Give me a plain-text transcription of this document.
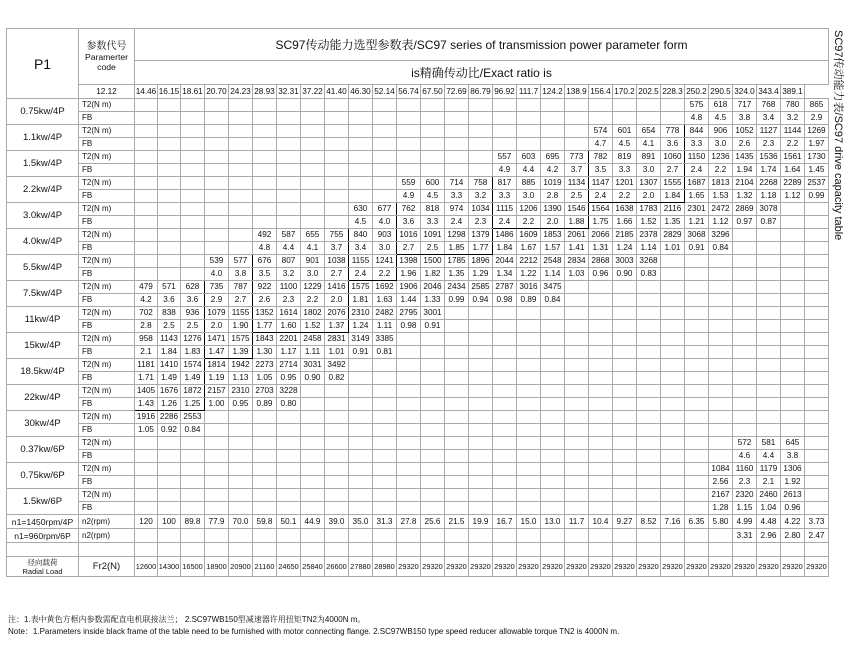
P1	参数代号
Paramerter
code	SC97传动能力选型参数表/SC97 series of transmission power parameter form																												
		is精确传动比/Exact ratio is																												
	12.12	14.46	16.15	18.61	20.70	24.23	28.93	32.31	37.22	41.40	46.30	52.14	56.74	67.50	72.69	86.79	96.92	111.7	124.2	138.9	156.4	170.2	202.5	228.3	250.2	290.5	324.0	343.4	389.1	
0.75kw/4P	T2(N m)																								575	618	717	768	780	865
	FB																								4.8	4.5	3.8	3.4	3.2	2.9
1.1kw/4P	T2(N m)																				574	601	654	778	844	906	1052	1127	1144	1269
	FB																				4.7	4.5	4.1	3.6	3.3	3.0	2.6	2.3	2.2	1.97
1.5kw/4P	T2(N m)																557	603	695	773	782	819	891	1060	1150	1236	1435	1536	1561	1730
	FB																4.9	4.4	4.2	3.7	3.5	3.3	3.0	2.7	2.4	2.2	1.94	1.74	1.64	1.45
2.2kw/4P	T2(N m)												559	600	714	758	817	885	1019	1134	1147	1201	1307	1555	1687	1813	2104	2268	2289	2537
	FB												4.9	4.5	3.3	3.2	3.3	3.0	2.8	2.5	2.4	2.2	2.0	1.84	1.65	1.53	1.32	1.18	1.12	0.99
3.0kw/4P	T2(N m)										630	677	762	818	974	1034	1115	1206	1390	1546	1564	1638	1783	2116	2301	2472	2869	3078		
	FB										4.5	4.0	3.6	3.3	2.4	2.3	2.4	2.2	2.0	1.88	1.75	1.66	1.52	1.35	1.21	1.12	0.97	0.87		
4.0kw/4P	T2(N m)						492	587	655	755	840	903	1016	1091	1298	1379	1486	1609	1853	2061	2066	2185	2378	2829	3068	3296				
	FB						4.8	4.4	4.1	3.7	3.4	3.0	2.7	2.5	1.85	1.77	1.84	1.67	1.57	1.41	1.31	1.24	1.14	1.01	0.91	0.84				
5.5kw/4P	T2(N m)				539	577	676	807	901	1038	1155	1241	1398	1500	1785	1896	2044	2212	2548	2834	2868	3003	3268							
	FB				4.0	3.8	3.5	3.2	3.0	2.7	2.4	2.2	1.96	1.82	1.35	1.29	1.34	1.22	1.14	1.03	0.96	0.90	0.83							
7.5kw/4P	T2(N m)	479	571	628	735	787	922	1100	1229	1416	1575	1692	1906	2046	2434	2585	2787	3016	3475											
	FB	4.2	3.6	3.6	2.9	2.7	2.6	2.3	2.2	2.0	1.81	1.63	1.44	1.33	0.99	0.94	0.98	0.89	0.84											
11kw/4P	T2(N m)	702	838	936	1079	1155	1352	1614	1802	2076	2310	2482	2795	3001																
	FB	2.8	2.5	2.5	2.0	1.90	1.77	1.60	1.52	1.37	1.24	1.11	0.98	0.91																
15kw/4P	T2(N m)	958	1143	1276	1471	1575	1843	2201	2458	2831	3149	3385																		
	FB	2.1	1.84	1.83	1.47	1.39	1.30	1.17	1.11	1.01	0.91	0.81																		
18.5kw/4P	T2(N m)	1181	1410	1574	1814	1942	2273	2714	3031	3492																				
	FB	1.71	1.49	1.49	1.19	1.13	1.05	0.95	0.90	0.82																				
22kw/4P	T2(N m)	1405	1676	1872	2157	2310	2703	3228																						
	FB	1.43	1.26	1.25	1.00	0.95	0.89	0.80																						
30kw/4P	T2(N m)	1916	2286	2553																										
	FB	1.05	0.92	0.84																										
0.37kw/6P	T2(N m)																										572	581	645	
	FB																										4.6	4.4	3.8	
0.75kw/6P	T2(N m)																									1084	1160	1179	1306	
	FB																									2.56	2.3	2.1	1.92	
1.5kw/6P	T2(N m)																									2167	2320	2460	2613	
	FB																									1.28	1.15	1.04	0.96	
n1=1450rpm/4P	n2(rpm)	120	100	89.8	77.9	70.0	59.8	50.1	44.9	39.0	35.0	31.3	27.8	25.6	21.5	19.9	16.7	15.0	13.0	11.7	10.4	9.27	8.52	7.16	6.35	5.80	4.99	4.48	4.22	3.73
n1=960rpm/6P	n2(rpm)																										3.31	2.96	2.80	2.47

径向载荷
Radial Load	Fr2(N)	12600	14300	16500	18900	20900	21160	24650	25840	26600	27880	28980	29320	29320	29320	29320	29320	29320	29320	29320	29320	29320	29320	29320	29320	29320	29320	29320	29320	29320
SC97传动能力表/SC97 drive capacity table
注：1.表中黄色方框内参数需配直电机联接法兰； 2.SC97WB150型减速器许用扭矩TN2为4000N m。
Note：1.Parameters inside black frame of the table need to be furnished with motor connecting flange. 2.SC97WB150 type speed reducer allowable torque TN2 is 4000N m.
